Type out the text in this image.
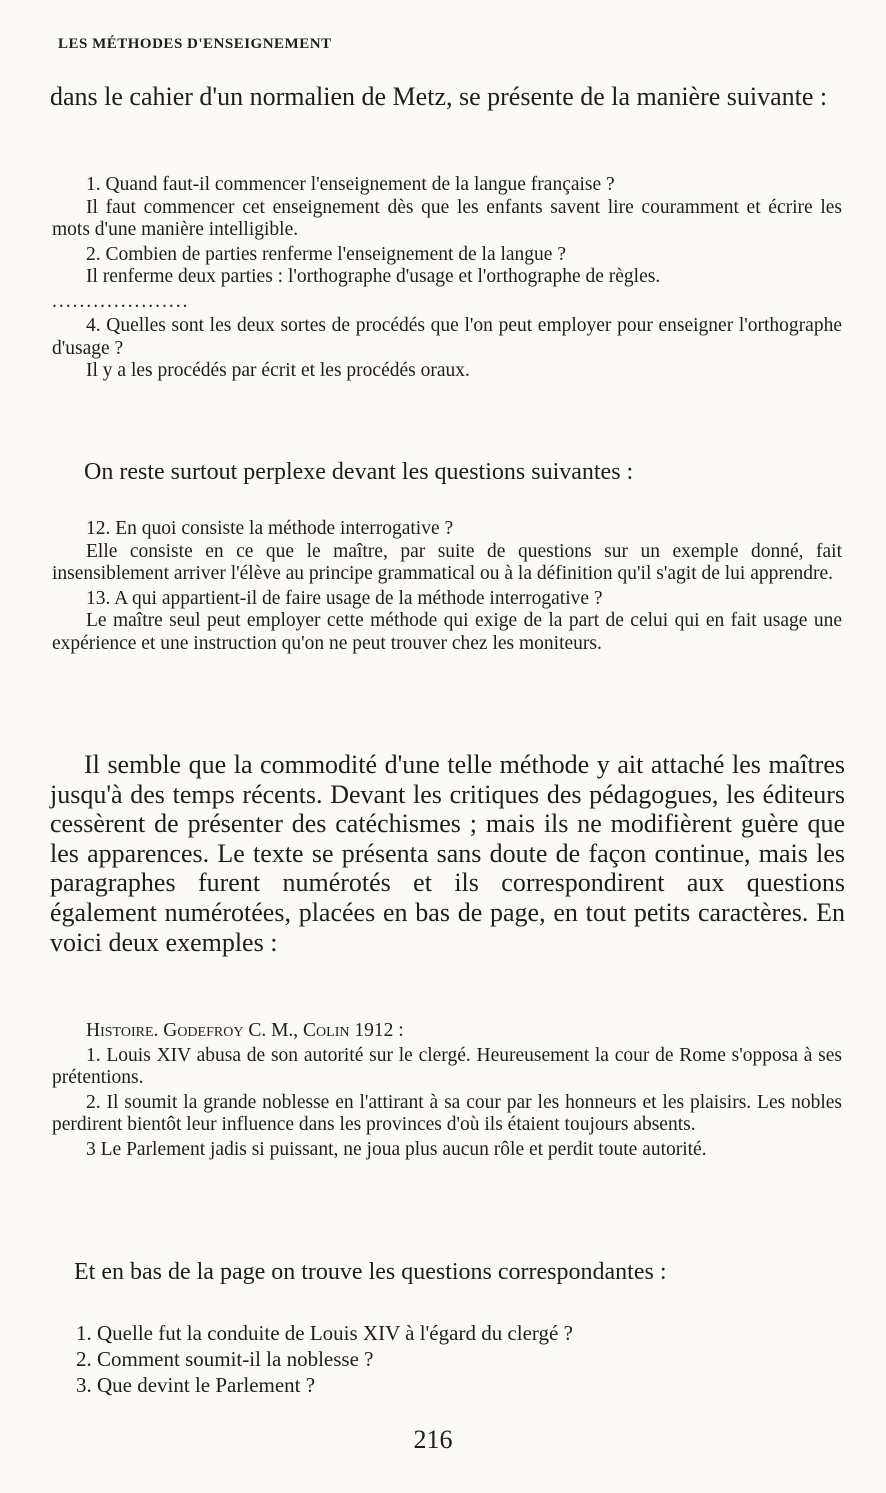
LES MÉTHODES D'ENSEIGNEMENT

dans le cahier d'un normalien de Metz, se présente de la manière suivante :

1. Quand faut-il commencer l'enseignement de la langue française ?

Il faut commencer cet enseignement dès que les enfants savent lire couramment et écrire les mots d'une manière intelligible.

2. Combien de parties renferme l'enseignement de la langue ?

Il renferme deux parties : l'orthographe d'usage et l'orthographe de règles.

....................

4. Quelles sont les deux sortes de procédés que l'on peut employer pour enseigner l'orthographe d'usage ?

Il y a les procédés par écrit et les procédés oraux.

On reste surtout perplexe devant les questions suivantes :

12. En quoi consiste la méthode interrogative ?

Elle consiste en ce que le maître, par suite de questions sur un exemple donné, fait insensiblement arriver l'élève au principe grammatical ou à la définition qu'il s'agit de lui apprendre.

13. A qui appartient-il de faire usage de la méthode interrogative ?

Le maître seul peut employer cette méthode qui exige de la part de celui qui en fait usage une expérience et une instruction qu'on ne peut trouver chez les moniteurs.

Il semble que la commodité d'une telle méthode y ait attaché les maîtres jusqu'à des temps récents. Devant les critiques des pédagogues, les éditeurs cessèrent de présenter des catéchismes ; mais ils ne modifièrent guère que les apparences. Le texte se présenta sans doute de façon continue, mais les paragraphes furent numérotés et ils correspondirent aux questions également numérotées, placées en bas de page, en tout petits caractères. En voici deux exemples :

Histoire. Godefroy C. M., Colin 1912 :

1. Louis XIV abusa de son autorité sur le clergé. Heureusement la cour de Rome s'opposa à ses prétentions.

2. Il soumit la grande noblesse en l'attirant à sa cour par les honneurs et les plaisirs. Les nobles perdirent bientôt leur influence dans les provinces d'où ils étaient toujours absents.

3 Le Parlement jadis si puissant, ne joua plus aucun rôle et perdit toute autorité.

Et en bas de la page on trouve les questions correspondantes :
1. Quelle fut la conduite de Louis XIV à l'égard du clergé ?
2. Comment soumit-il la noblesse ?
3. Que devint le Parlement ?
216
